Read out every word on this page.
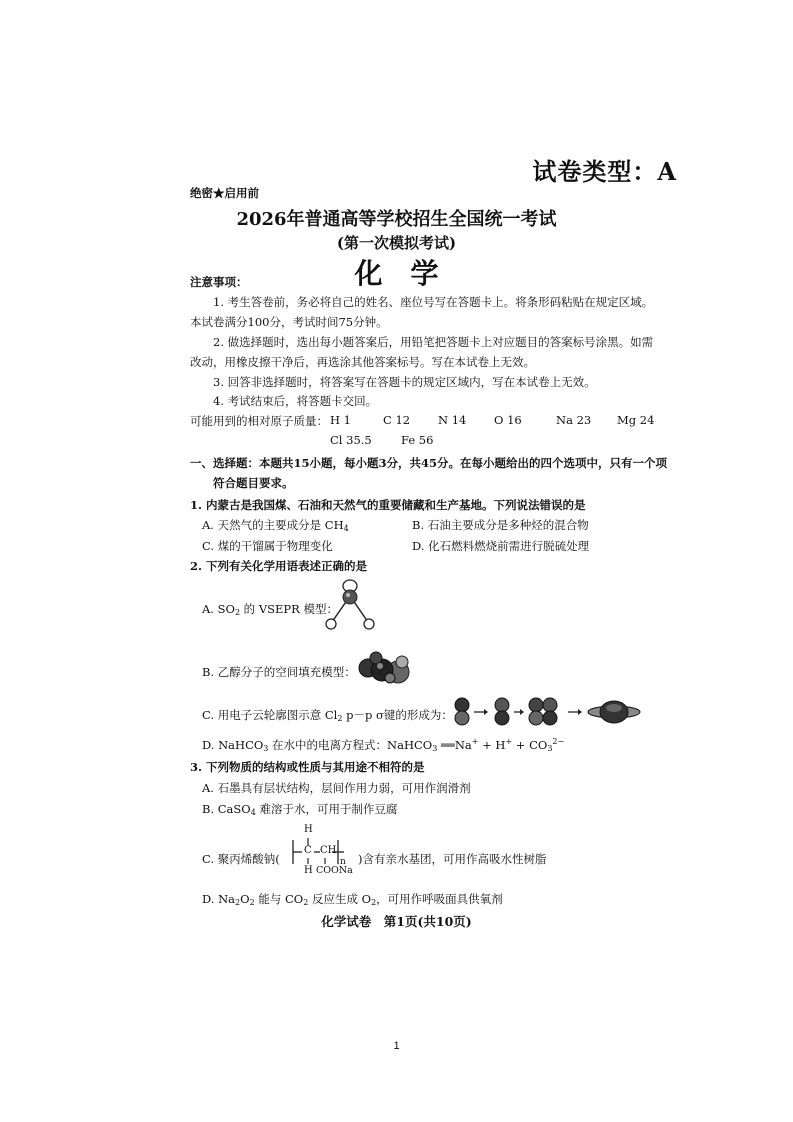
试卷类型：A
绝密★启用前
2026年普通高等学校招生全国统一考试
(第一次模拟考试)
化学
注意事项：
1. 考生答卷前，务必将自己的姓名、座位号写在答题卡上。将条形码粘贴在规定区域。
本试卷满分100分，考试时间75分钟。
2. 做选择题时，选出每小题答案后，用铅笔把答题卡上对应题目的答案标号涂黑。如需
改动，用橡皮擦干净后，再选涂其他答案标号。写在本试卷上无效。
3. 回答非选择题时，将答案写在答题卡的规定区域内，写在本试卷上无效。
4. 考试结束后，将答题卡交回。
可能用到的相对原子质量： H 1	C 12 N 14 O 16	Na 23 Mg 24
Cl 35.5	Fe 56
一、选择题：本题共15小题，每小题3分，共45分。在每小题给出的四个选项中，只有一个项
符合题目要求。
1. 内蒙古是我国煤、石油和天然气的重要储藏和生产基地。下列说法错误的是
A. 天然气的主要成分是 $CH_4$	B. 石油主要成分是多种烃的混合物
C. 煤的干馏属于物理变化	D. 化石燃料燃烧前需进行脱硫处理
2. 下列有关化学用语表述正确的是
A. $SO_2$ 的 VSEPR 模型：
B. 乙醇分子的空间填充模型：
C. 用电子云轮廓图示意 $Cl_2$ p－p σ键的形成为：
D. NaHCO$_3$ 在水中的电离方程式：NaHCO$_3$ ══Na+ + $H^+ + CO_3^{2-}$
3. 下列物质的结构或性质与其用途不相符的是
A. 石墨具有层状结构，层间作用力弱，可用作润滑剂
B. CaSO$_4$ 难溶于水，可用于制作豆腐
C. 聚丙烯酸钠(
H
C CH
n
H COONa
)含有亲水基团，可用作高吸水性树脂
D. $Na_2O_2$ 能与 $CO_2$ 反应生成 $O_2$，可用作呼吸面具供氧剂
化学试卷　第1页(共10页)
1
